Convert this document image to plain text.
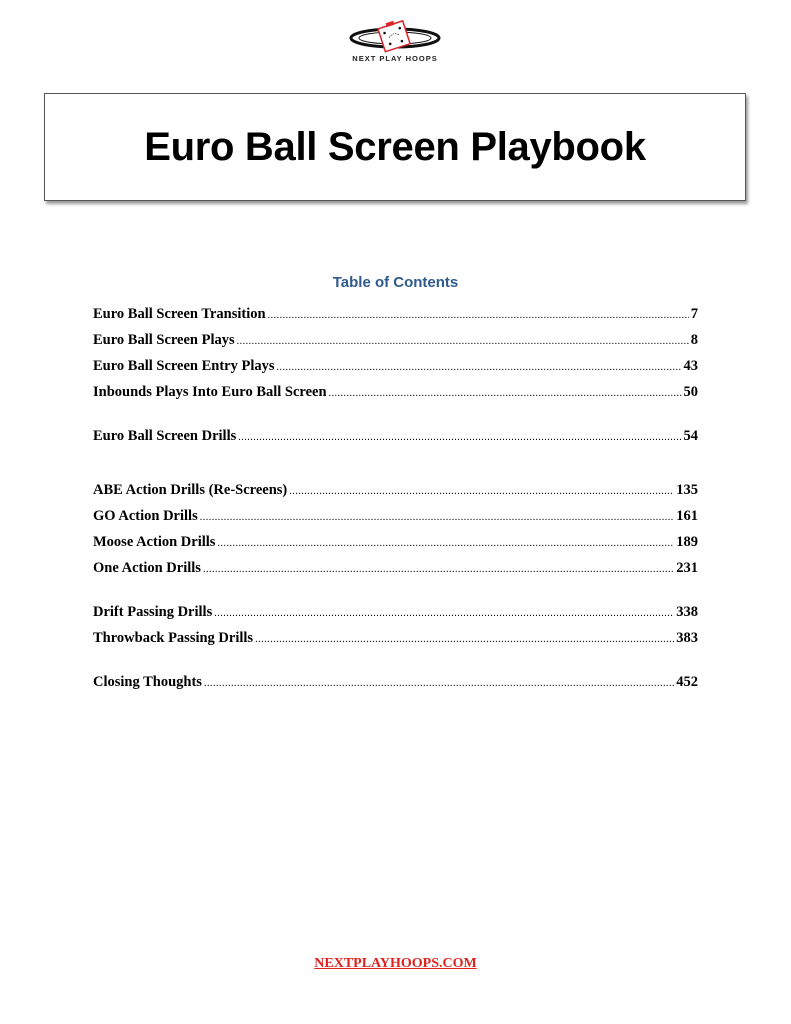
NEXT PLAY HOOPS
Euro Ball Screen Playbook
Table of Contents
Euro Ball Screen Transition .....	7
Euro Ball Screen Plays .....	8
Euro Ball Screen Entry Plays .....	43
Inbounds Plays Into Euro Ball Screen .....	50
Euro Ball Screen Drills .....	54
ABE Action Drills (Re-Screens) .....	135
GO Action Drills .....	161
Moose Action Drills .....	189
One Action Drills .....	231
Drift Passing Drills .....	338
Throwback Passing Drills .....	383
Closing Thoughts .....	452
NEXTPLAYHOOPS.COM
